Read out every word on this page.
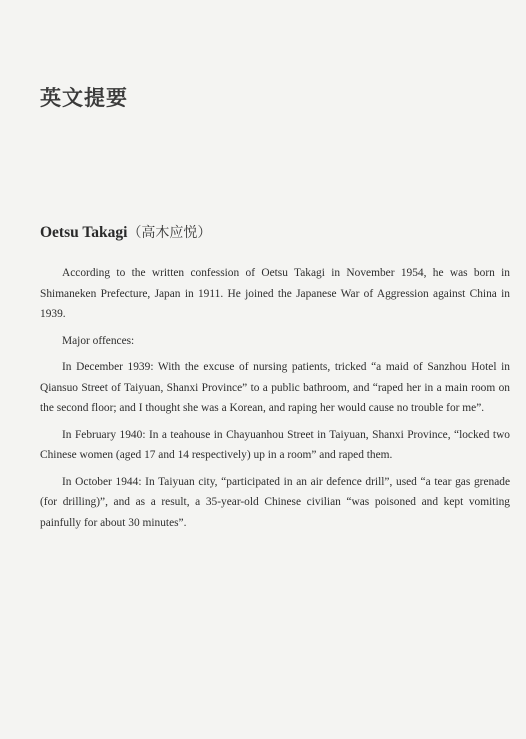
英文提要
Oetsu Takagi（高木应悦）

According to the written confession of Oetsu Takagi in November 1954, he was born in Shimaneken Prefecture, Japan in 1911. He joined the Japanese War of Aggression against China in 1939.

Major offences:

In December 1939: With the excuse of nursing patients, tricked “a maid of Sanzhou Hotel in Qiansuo Street of Taiyuan, Shanxi Province” to a public bathroom, and “raped her in a main room on the second floor; and I thought she was a Korean, and raping her would cause no trouble for me”.

In February 1940: In a teahouse in Chayuanhou Street in Taiyuan, Shanxi Province, “locked two Chinese women (aged 17 and 14 respectively) up in a room” and raped them.

In October 1944: In Taiyuan city, “participated in an air defence drill”, used “a tear gas grenade (for drilling)”, and as a result, a 35-year-old Chinese civilian “was poisoned and kept vomiting painfully for about 30 minutes”.
